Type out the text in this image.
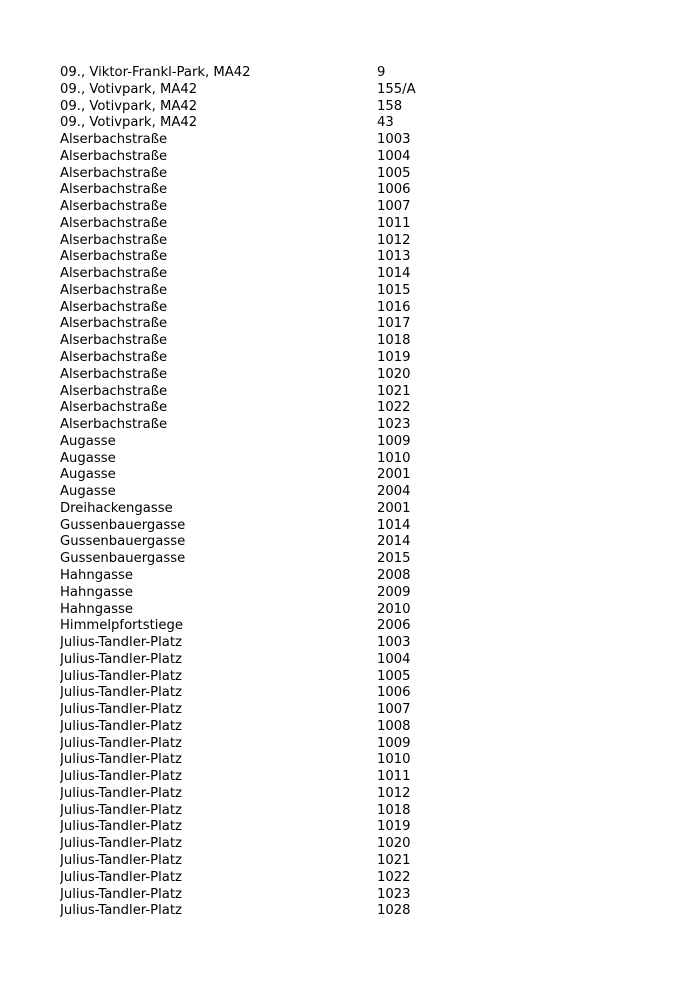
09., Viktor-Frankl-Park, MA42	9
09., Votivpark, MA42	155/A
09., Votivpark, MA42	158
09., Votivpark, MA42	43
Alserbachstraße	1003
Alserbachstraße	1004
Alserbachstraße	1005
Alserbachstraße	1006
Alserbachstraße	1007
Alserbachstraße	1011
Alserbachstraße	1012
Alserbachstraße	1013
Alserbachstraße	1014
Alserbachstraße	1015
Alserbachstraße	1016
Alserbachstraße	1017
Alserbachstraße	1018
Alserbachstraße	1019
Alserbachstraße	1020
Alserbachstraße	1021
Alserbachstraße	1022
Alserbachstraße	1023
Augasse	1009
Augasse	1010
Augasse	2001
Augasse	2004
Dreihackengasse	2001
Gussenbauergasse	1014
Gussenbauergasse	2014
Gussenbauergasse	2015
Hahngasse	2008
Hahngasse	2009
Hahngasse	2010
Himmelpfortstiege	2006
Julius-Tandler-Platz	1003
Julius-Tandler-Platz	1004
Julius-Tandler-Platz	1005
Julius-Tandler-Platz	1006
Julius-Tandler-Platz	1007
Julius-Tandler-Platz	1008
Julius-Tandler-Platz	1009
Julius-Tandler-Platz	1010
Julius-Tandler-Platz	1011
Julius-Tandler-Platz	1012
Julius-Tandler-Platz	1018
Julius-Tandler-Platz	1019
Julius-Tandler-Platz	1020
Julius-Tandler-Platz	1021
Julius-Tandler-Platz	1022
Julius-Tandler-Platz	1023
Julius-Tandler-Platz	1028
